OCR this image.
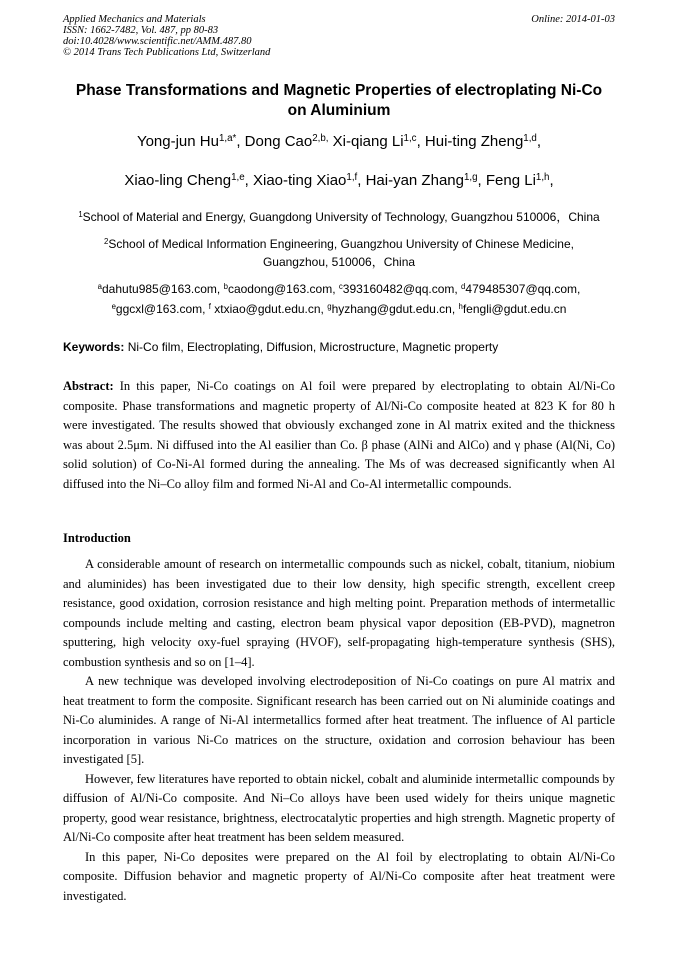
Applied Mechanics and Materials
ISSN: 1662-7482, Vol. 487, pp 80-83
doi:10.4028/www.scientific.net/AMM.487.80
© 2014 Trans Tech Publications Ltd, Switzerland
Online: 2014-01-03
Phase Transformations and Magnetic Properties of electroplating Ni-Co
on Aluminium
Yong-jun $Hu^{1,a*}$, Dong Cao$^{2,b,}$ Xi-qiang Li$^{1,c}$, Hui-ting Zheng$^{1,d}$,
Xiao-ling Cheng$^{1,e}$, Xiao-ting Xiao$^{1,f}$, Hai-yan Zhang$^{1,g}$, Feng Li$^{1,h}$,
$^1$School of Material and Energy, Guangdong University of Technology, Guangzhou 510006，China
$^2$School of Medical Information Engineering, Guangzhou University of Chinese Medicine,
Guangzhou, 510006，China
$^a$dahutu985@163.com, $^b$caodong@163.com, $^c$393160482@qq.com, $^d$479485307@qq.com,
$^e$ggcxl@163.com, $^f$ xtxiao@gdut.edu.cn, $^g$hyzhang@gdut.edu.cn, $^h$fengli@gdut.edu.cn
Keywords: Ni-Co film, Electroplating, Diffusion, Microstructure, Magnetic property
Abstract: In this paper, Ni-Co coatings on Al foil were prepared by electroplating to obtain Al/Ni-Co composite. Phase transformations and magnetic property of Al/Ni-Co composite heated at 823 K for 80 h were investigated. The results showed that obviously exchanged zone in Al matrix exited and the thickness was about 2.5μm. Ni diffused into the Al easilier than Co. β phase (AlNi and AlCo) and γ phase (Al(Ni, Co) solid solution) of Co-Ni-Al formed during the annealing. The Ms of was decreased significantly when Al diffused into the Ni–Co alloy film and formed Ni-Al and Co-Al intermetallic compounds.
Introduction

A considerable amount of research on intermetallic compounds such as nickel, cobalt, titanium, niobium and aluminides) has been investigated due to their low density, high specific strength, excellent creep resistance, good oxidation, corrosion resistance and high melting point. Preparation methods of intermetallic compounds include melting and casting, electron beam physical vapor deposition (EB-PVD), magnetron sputtering, high velocity oxy-fuel spraying (HVOF), self-propagating high-temperature synthesis (SHS), combustion synthesis and so on [1–4].

A new technique was developed involving electrodeposition of Ni-Co coatings on pure Al matrix and heat treatment to form the composite. Significant research has been carried out on Ni aluminide coatings and Ni-Co aluminides. A range of Ni-Al intermetallics formed after heat treatment. The influence of Al particle incorporation in various Ni-Co matrices on the structure, oxidation and corrosion behaviour has been investigated [5].

However, few literatures have reported to obtain nickel, cobalt and aluminide intermetallic compounds by diffusion of Al/Ni-Co composite. And Ni–Co alloys have been used widely for theirs unique magnetic property, good wear resistance, brightness, electrocatalytic properties and high strength. Magnetic property of Al/Ni-Co composite after heat treatment has been seldem measured.

In this paper, Ni-Co deposites were prepared on the Al foil by electroplating to obtain Al/Ni-Co composite. Diffusion behavior and magnetic property of Al/Ni-Co composite after heat treatment were investigated.
